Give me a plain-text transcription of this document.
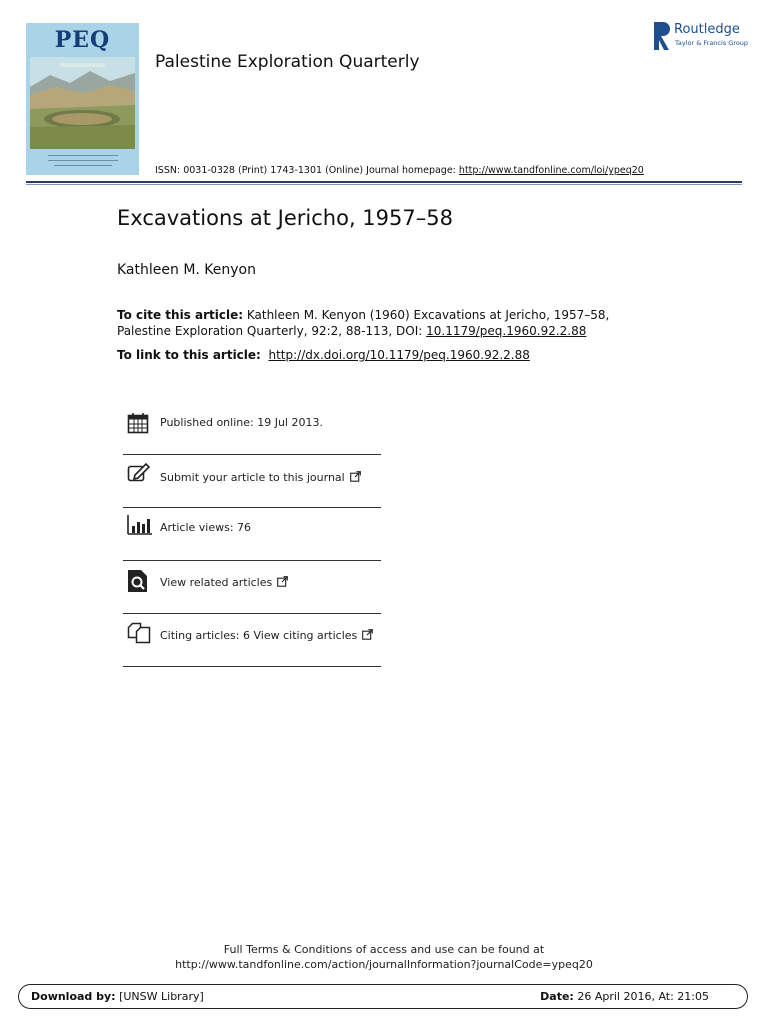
PEQ
Palestine Exploration Quarterly
Routledge
Taylor & Francis Group
ISSN: 0031-0328 (Print) 1743-1301 (Online) Journal homepage: http://www.tandfonline.com/loi/ypeq20
Excavations at Jericho, 1957–58
Kathleen M. Kenyon
To cite this article: Kathleen M. Kenyon (1960) Excavations at Jericho, 1957–58, Palestine Exploration Quarterly, 92:2, 88-113, DOI: 10.1179/peq.1960.92.2.88
To link to this article: http://dx.doi.org/10.1179/peq.1960.92.2.88
Published online: 19 Jul 2013.
Submit your article to this journal
Article views: 76
View related articles
Citing articles: 6 View citing articles
Full Terms & Conditions of access and use can be found at
http://www.tandfonline.com/action/journalInformation?journalCode=ypeq20
Download by: [UNSW Library]	Date: 26 April 2016, At: 21:05
